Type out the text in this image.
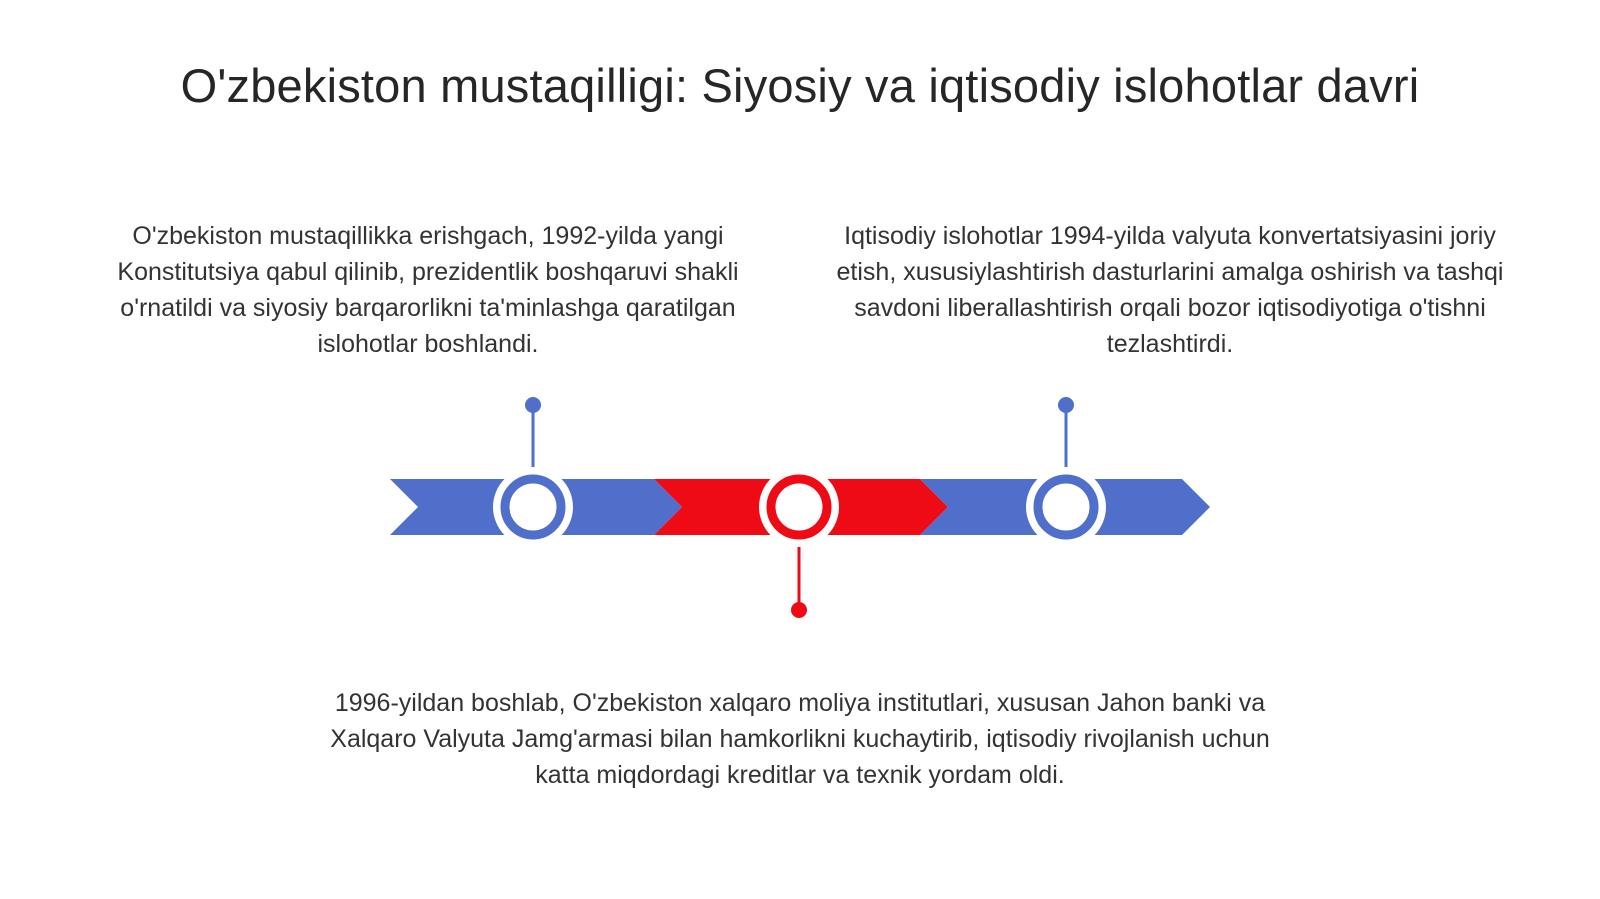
O'zbekiston mustaqilligi: Siyosiy va iqtisodiy islohotlar davri

O'zbekiston mustaqillikka erishgach, 1992-yilda yangi Konstitutsiya qabul qilinib, prezidentlik boshqaruvi shakli o'rnatildi va siyosiy barqarorlikni ta'minlashga qaratilgan islohotlar boshlandi.

Iqtisodiy islohotlar 1994-yilda valyuta konvertatsiyasini joriy etish, xususiylashtirish dasturlarini amalga oshirish va tashqi savdoni liberallashtirish orqali bozor iqtisodiyotiga o'tishni tezlashtirdi.

1996-yildan boshlab, O'zbekiston xalqaro moliya institutlari, xususan Jahon banki va Xalqaro Valyuta Jamg'armasi bilan hamkorlikni kuchaytirib, iqtisodiy rivojlanish uchun katta miqdordagi kreditlar va texnik yordam oldi.
